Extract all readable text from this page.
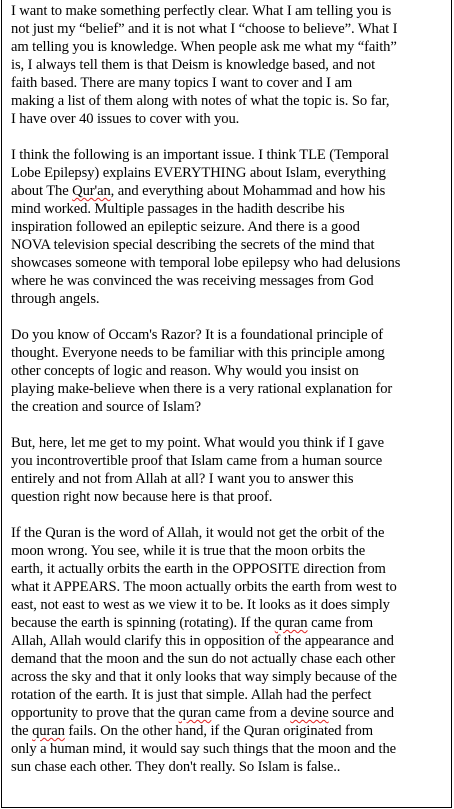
I want to make something perfectly clear. What I am telling you is
not just my “belief” and it is not what I “choose to believe”. What I
am telling you is knowledge. When people ask me what my “faith”
is, I always tell them is that Deism is knowledge based, and not
faith based. There are many topics I want to cover and I am
making a list of them along with notes of what the topic is. So far,
I have over 40 issues to cover with you.
I think the following is an important issue. I think TLE (Temporal
Lobe Epilepsy) explains EVERYTHING about Islam, everything
about The Qur'an, and everything about Mohammad and how his
mind worked. Multiple passages in the hadith describe his
inspiration followed an epileptic seizure. And there is a good
NOVA television special describing the secrets of the mind that
showcases someone with temporal lobe epilepsy who had delusions
where he was convinced the was receiving messages from God
through angels.
Do you know of Occam's Razor? It is a foundational principle of
thought. Everyone needs to be familiar with this principle among
other concepts of logic and reason. Why would you insist on
playing make-believe when there is a very rational explanation for
the creation and source of Islam?
But, here, let me get to my point. What would you think if I gave
you incontrovertible proof that Islam came from a human source
entirely and not from Allah at all? I want you to answer this
question right now because here is that proof.
If the Quran is the word of Allah, it would not get the orbit of the
moon wrong. You see, while it is true that the moon orbits the
earth, it actually orbits the earth in the OPPOSITE direction from
what it APPEARS. The moon actually orbits the earth from west to
east, not east to west as we view it to be. It looks as it does simply
because the earth is spinning (rotating). If the quran came from
Allah, Allah would clarify this in opposition of the appearance and
demand that the moon and the sun do not actually chase each other
across the sky and that it only looks that way simply because of the
rotation of the earth. It is just that simple. Allah had the perfect
opportunity to prove that the quran came from a devine source and
the quran fails. On the other hand, if the Quran originated from
only a human mind, it would say such things that the moon and the
sun chase each other. They don't really. So Islam is false..
